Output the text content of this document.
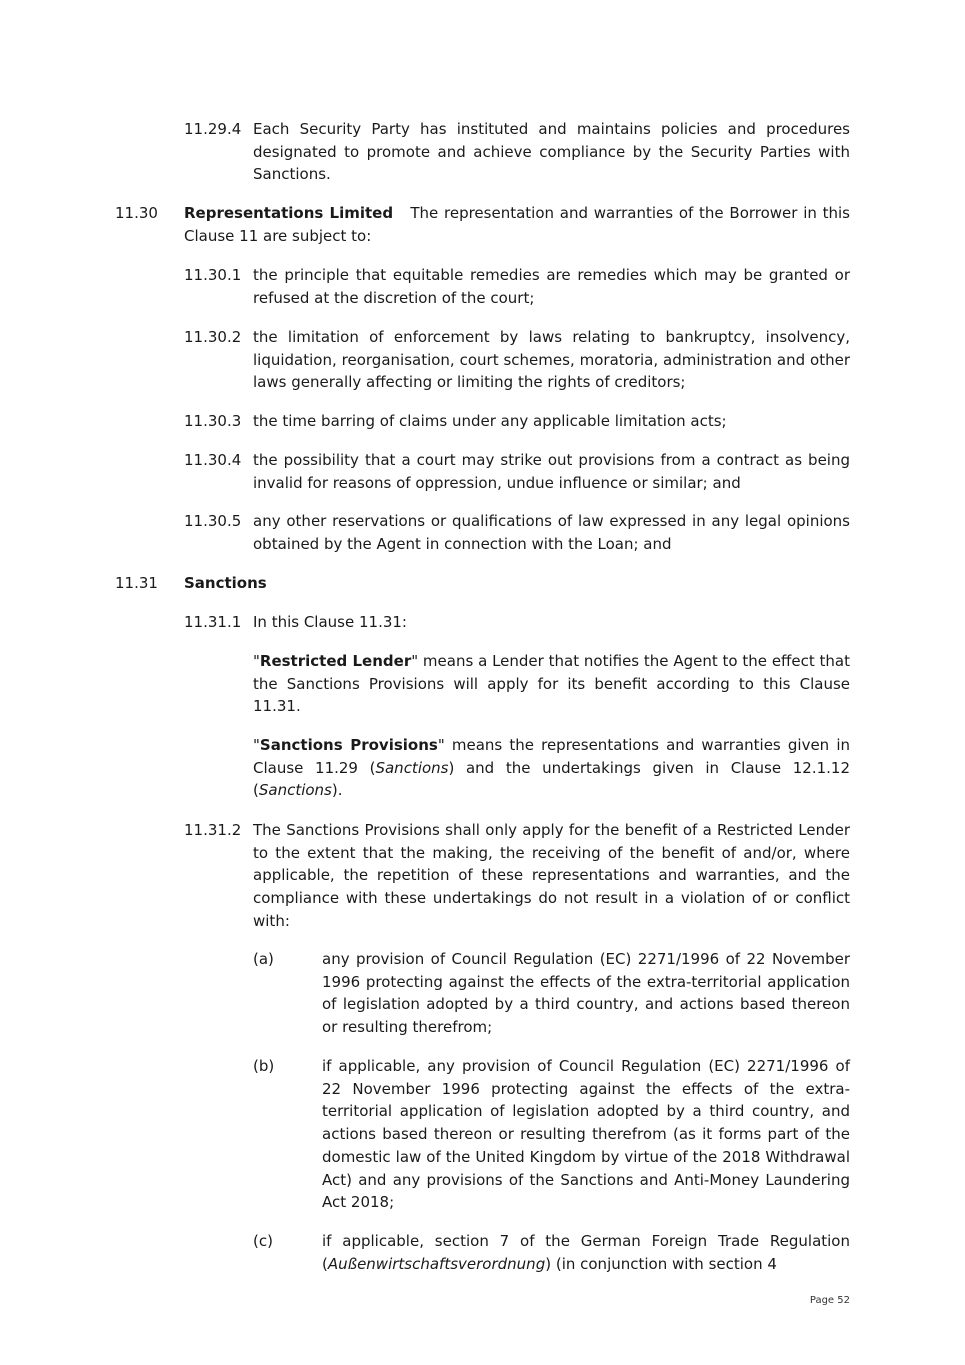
11.29.4 Each Security Party has instituted and maintains policies and procedures designated to promote and achieve compliance by the Security Parties with Sanctions.
11.30 Representations Limited The representation and warranties of the Borrower in this Clause 11 are subject to:
11.30.1 the principle that equitable remedies are remedies which may be granted or refused at the discretion of the court;
11.30.2 the limitation of enforcement by laws relating to bankruptcy, insolvency, liquidation, reorganisation, court schemes, moratoria, administration and other laws generally affecting or limiting the rights of creditors;
11.30.3 the time barring of claims under any applicable limitation acts;
11.30.4 the possibility that a court may strike out provisions from a contract as being invalid for reasons of oppression, undue influence or similar; and
11.30.5 any other reservations or qualifications of law expressed in any legal opinions obtained by the Agent in connection with the Loan; and
11.31 Sanctions
11.31.1 In this Clause 11.31:
"Restricted Lender" means a Lender that notifies the Agent to the effect that the Sanctions Provisions will apply for its benefit according to this Clause 11.31.
"Sanctions Provisions" means the representations and warranties given in Clause 11.29 (Sanctions) and the undertakings given in Clause 12.1.12 (Sanctions).
11.31.2 The Sanctions Provisions shall only apply for the benefit of a Restricted Lender to the extent that the making, the receiving of the benefit of and/or, where applicable, the repetition of these representations and warranties, and the compliance with these undertakings do not result in a violation of or conflict with:
(a)	any provision of Council Regulation (EC) 2271/1996 of 22 November 1996 protecting against the effects of the extra-territorial application of legislation adopted by a third country, and actions based thereon or resulting therefrom;
(b)	if applicable, any provision of Council Regulation (EC) 2271/1996 of 22 November 1996 protecting against the effects of the extra-territorial application of legislation adopted by a third country, and actions based thereon or resulting therefrom (as it forms part of the domestic law of the United Kingdom by virtue of the 2018 Withdrawal Act) and any provisions of the Sanctions and Anti-Money Laundering Act 2018;
(c)	if applicable, section 7 of the German Foreign Trade Regulation (Außenwirtschaftsverordnung) (in conjunction with section 4
Page 52
